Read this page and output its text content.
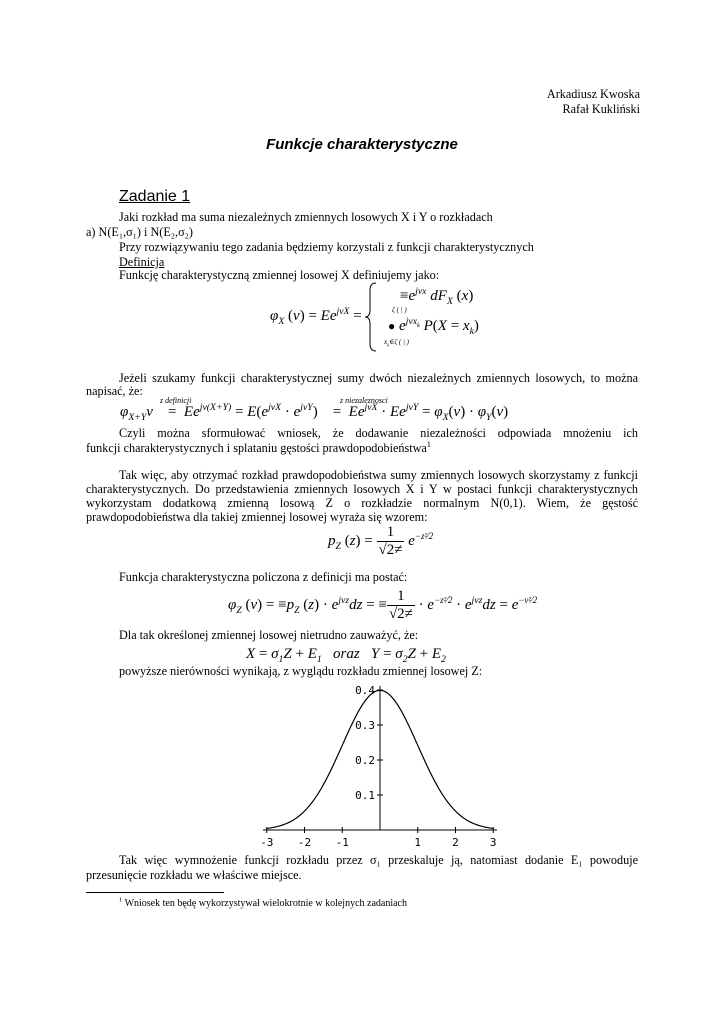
Arkadiusz Kwoska
Rafał Kukliński
Funkcje charakterystyczne
Zadanie 1
Jaki rozkład ma suma niezależnych zmiennych losowych X i Y o rozkładach
a) N(E₁,σ₁) i N(E₂,σ₂)
Przy rozwiązywaniu tego zadania będziemy korzystali z funkcji charakterystycznych
Definicja
Funkcję charakterystyczną zmiennej losowej X definiujemy jako:
$\varphi_X$ $(\nu) = Ee^{j\nu X}$ =
$\equiv e^{j\nu x}$ $dF_X$ (x)
ζ ( | )
● $e^{j\nu x_k}$ $P(X = x_k)$
$x_k\in\zeta$ ( | )
Jeżeli szukamy funkcji charakterystycznej sumy dwóch niezależnych zmiennych losowych, to można
napisać, że:
z definicji	z niezaleznosci
$\varphi_{X+Y}\nu$    =  $Ee^{j\nu(X+Y)} = E(e^{j\nu X} \cdot e^{j\nu Y}) = Ee^{j\nu X} \cdot Ee^{j\nu Y} = \varphi_X(\nu) \cdot \varphi_Y(\nu)$
Czyli można sformułować wniosek, że dodawanie niezależności odpowiada mnożeniu ich
funkcji charakterystycznych i splataniu gęstości prawdopodobieństwa$^1$
Tak więc, aby otrzymać rozkład prawdopodobieństwa sumy zmiennych losowych skorzystamy z funkcji
charakterystycznych. Do przedstawienia zmiennych losowych X i Y w postaci funkcji charakterystycznych
wykorzystam dodatkową zmienną losową Z o rozkładzie normalnym N(0,1). Wiem, że gęstość
prawdopodobieństwa dla takiej zmiennej losowej wyraża się wzorem:
$p_Z$ $(z) = \frac{1}{√2\ne} e^{-z^2⁄2}$
Funkcja charakterystyczna policzona z definicji ma postać:
$\varphi_Z$ $(\nu) = \equiv p_Z$ $(z) \cdot e^{j\nu z}dz$ = ≡ $\frac{1}{√2\ne} \cdot e^{-z^2⁄2} \cdot e^{j\nu z}dz = e^{-\nu^2⁄2}$
Dla tak określonej zmiennej losowej nietrudno zauważyć, że:
$X = \sigma_1Z + E_1$ oraz   $Y = \sigma_2Z + E_2$
powyższe nierówności wynikają, z wyglądu rozkładu zmiennej losowej Z:
0.1
0.2
0.3
0.4
-3 -2 -1	1	2	3
Tak więc wymnożenie funkcji rozkładu przez σ₁ przeskaluje ją, natomiast dodanie E₁ powoduje
przesunięcie rozkładu we właściwe miejsce.
$^1$ Wniosek ten będę wykorzystywał wielokrotnie w kolejnych zadaniach
